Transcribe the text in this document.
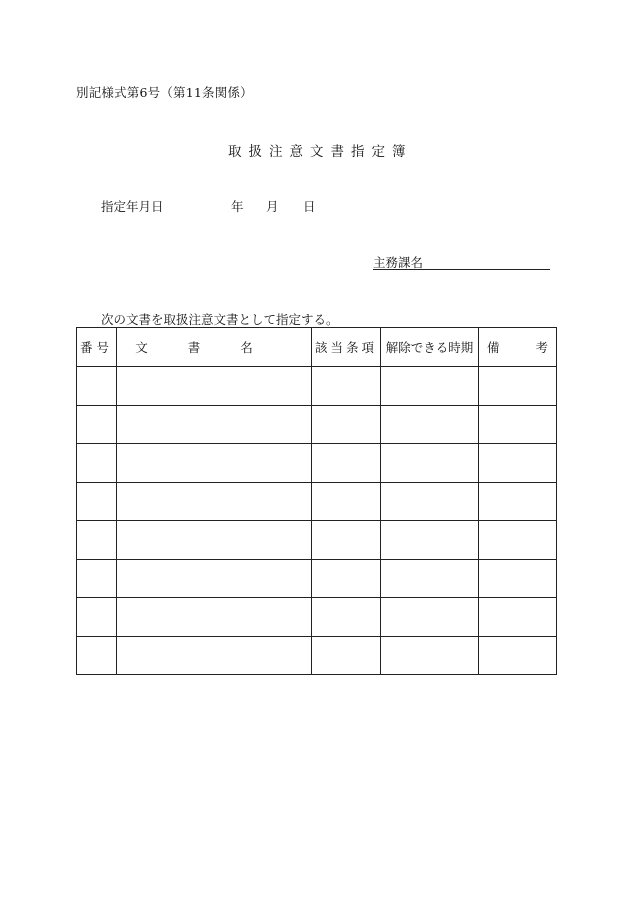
別記様式第6号（第11条関係）
取扱注意文書指定簿
指定年月日	年 月 日
主務課名
次の文書を取扱注意文書として指定する。
番号	文書名	該当条項	解除できる時期	備考
